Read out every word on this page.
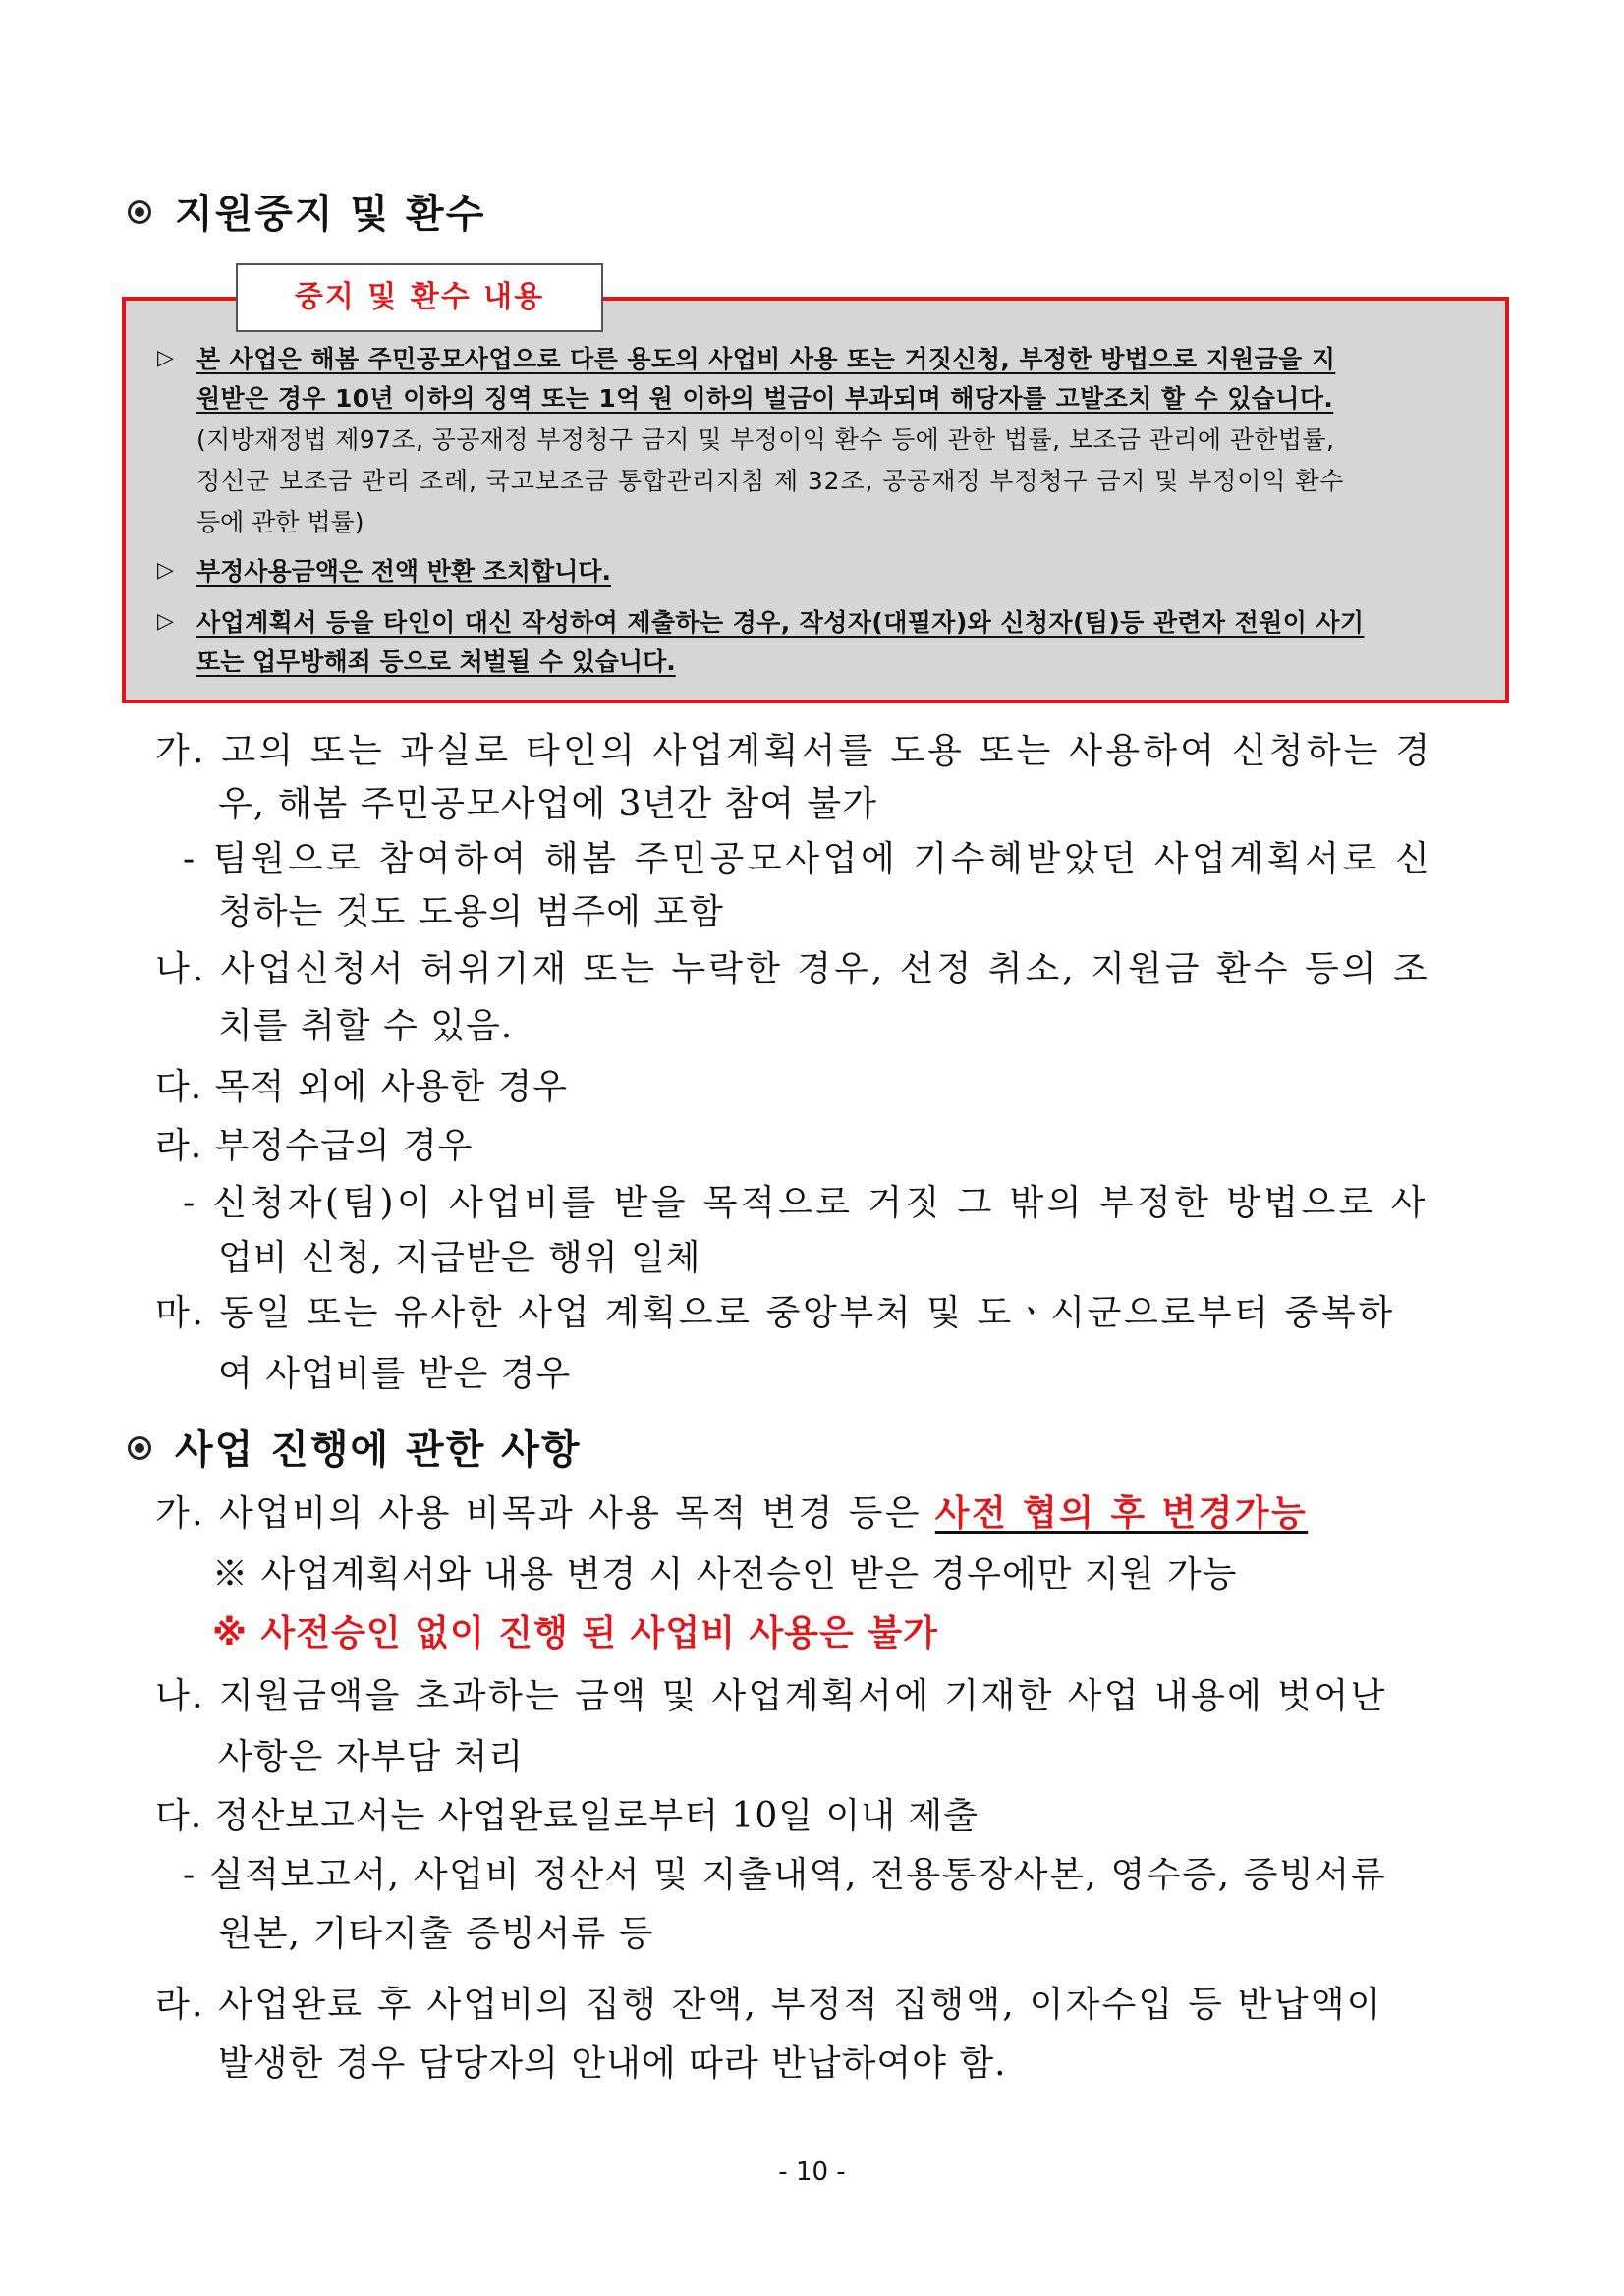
지원중지 및 환수
중지 및 환수 내용
▷ 본 사업은 해봄 주민공모사업으로 다른 용도의 사업비 사용 또는 거짓신청, 부정한 방법으로 지원금을 지
원받은 경우 10년 이하의 징역 또는 1억 원 이하의 벌금이 부과되며 해당자를 고발조치 할 수 있습니다.
(지방재정법 제97조, 공공재정 부정청구 금지 및 부정이익 환수 등에 관한 법률, 보조금 관리에 관한법률,
정선군 보조금 관리 조례, 국고보조금 통합관리지침 제 32조, 공공재정 부정청구 금지 및 부정이익 환수
등에 관한 법률)
▷ 부정사용금액은 전액 반환 조치합니다.
▷ 사업계획서 등을 타인이 대신 작성하여 제출하는 경우, 작성자(대필자)와 신청자(팀)등 관련자 전원이 사기
또는 업무방해죄 등으로 처벌될 수 있습니다.
가. 고의 또는 과실로 타인의 사업계획서를 도용 또는 사용하여 신청하는 경
우, 해봄 주민공모사업에 3년간 참여 불가
- 팀원으로 참여하여 해봄 주민공모사업에 기수혜받았던 사업계획서로 신
청하는 것도 도용의 범주에 포함
나. 사업신청서 허위기재 또는 누락한 경우, 선정 취소, 지원금 환수 등의 조
치를 취할 수 있음.
다. 목적 외에 사용한 경우
라. 부정수급의 경우
- 신청자(팀)이 사업비를 받을 목적으로 거짓 그 밖의 부정한 방법으로 사
업비 신청, 지급받은 행위 일체
마. 동일 또는 유사한 사업 계획으로 중앙부처 및 도ㆍ시군으로부터 중복하
여 사업비를 받은 경우
사업 진행에 관한 사항
가. 사업비의 사용 비목과 사용 목적 변경 등은 사전 협의 후 변경가능
※ 사업계획서와 내용 변경 시 사전승인 받은 경우에만 지원 가능
※ 사전승인 없이 진행 된 사업비 사용은 불가
나. 지원금액을 초과하는 금액 및 사업계획서에 기재한 사업 내용에 벗어난
사항은 자부담 처리
다. 정산보고서는 사업완료일로부터 10일 이내 제출
- 실적보고서, 사업비 정산서 및 지출내역, 전용통장사본, 영수증, 증빙서류
원본, 기타지출 증빙서류 등
라. 사업완료 후 사업비의 집행 잔액, 부정적 집행액, 이자수입 등 반납액이
발생한 경우 담당자의 안내에 따라 반납하여야 함.
- 10 -
